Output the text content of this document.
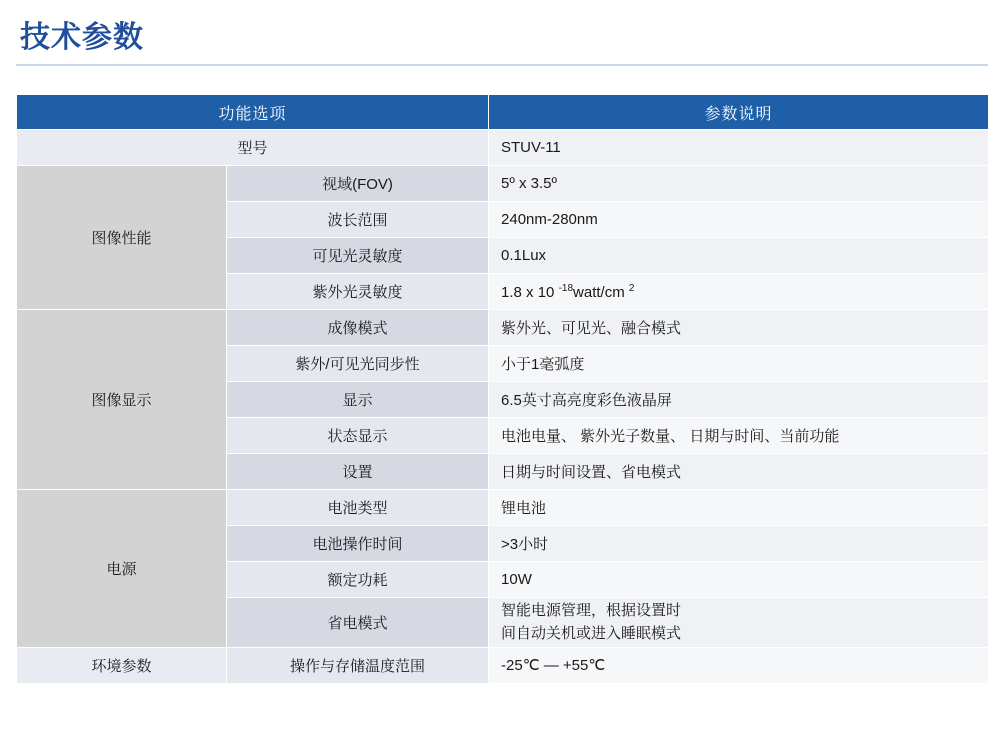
技术参数
功能选项		参数说明
型号		STUV-11
图像性能	视域(FOV)	5º x 3.5º
	波长范围	240nm-280nm
	可见光灵敏度	0.1Lux
	紫外光灵敏度	1.8 x 10 $^{-18}$watt/cm $^2$
图像显示	成像模式	紫外光、可见光、融合模式
	紫外/可见光同步性	小于1毫弧度
	显示	6.5英寸高亮度彩色液晶屏
	状态显示	电池电量、 紫外光子数量、 日期与时间、当前功能
	设置	日期与时间设置、省电模式
电源	电池类型	锂电池
	电池操作时间	>3小时
	额定功耗	10W
	省电模式	智能电源管理，根据设置时
间自动关机或进入睡眠模式

环境参数	操作与存储温度范围	-25℃ — +55℃
